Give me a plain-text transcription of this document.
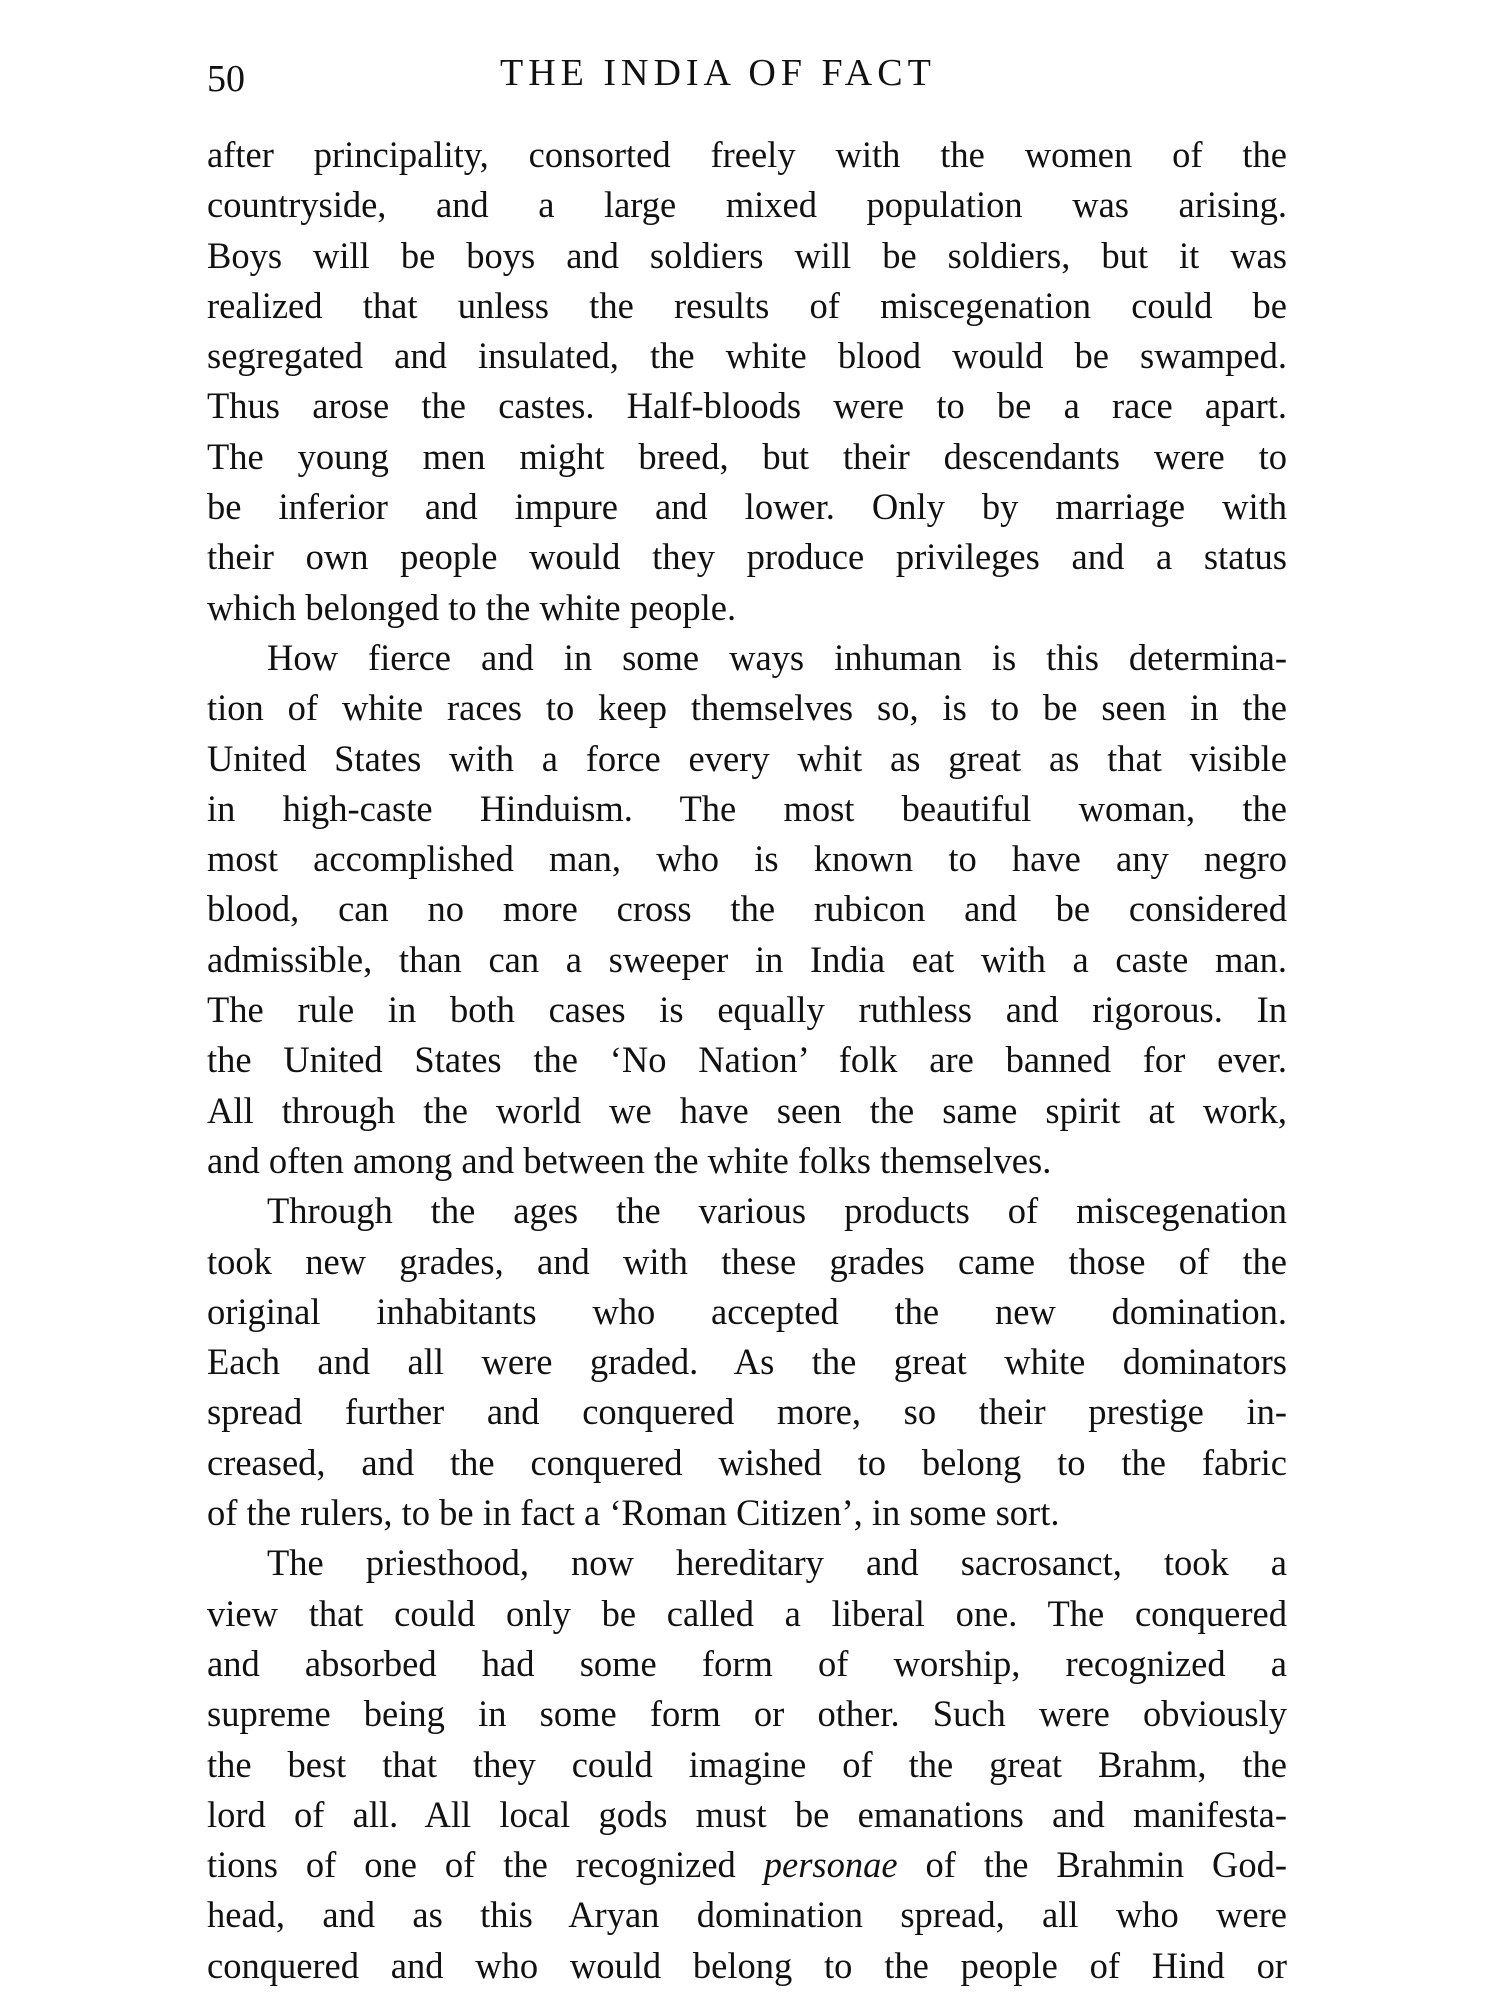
50	THE INDIA OF FACT
after principality, consorted freely with the women of the
countryside, and a large mixed population was arising.
Boys will be boys and soldiers will be soldiers, but it was
realized that unless the results of miscegenation could be
segregated and insulated, the white blood would be swamped.
Thus arose the castes. Half-bloods were to be a race apart.
The young men might breed, but their descendants were to
be inferior and impure and lower. Only by marriage with
their own people would they produce privileges and a status
which belonged to the white people.
How fierce and in some ways inhuman is this determina-
tion of white races to keep themselves so, is to be seen in the
United States with a force every whit as great as that visible
in high-caste Hinduism. The most beautiful woman, the
most accomplished man, who is known to have any negro
blood, can no more cross the rubicon and be considered
admissible, than can a sweeper in India eat with a caste man.
The rule in both cases is equally ruthless and rigorous. In
the United States the ‘No Nation’ folk are banned for ever.
All through the world we have seen the same spirit at work,
and often among and between the white folks themselves.
Through the ages the various products of miscegenation
took new grades, and with these grades came those of the
original inhabitants who accepted the new domination.
Each and all were graded. As the great white dominators
spread further and conquered more, so their prestige in-
creased, and the conquered wished to belong to the fabric
of the rulers, to be in fact a ‘Roman Citizen’, in some sort.
The priesthood, now hereditary and sacrosanct, took a
view that could only be called a liberal one. The conquered
and absorbed had some form of worship, recognized a
supreme being in some form or other. Such were obviously
the best that they could imagine of the great Brahm, the
lord of all. All local gods must be emanations and manifesta-
tions of one of the recognized personae of the Brahmin God-
head, and as this Aryan domination spread, all who were
conquered and who would belong to the people of Hind or
